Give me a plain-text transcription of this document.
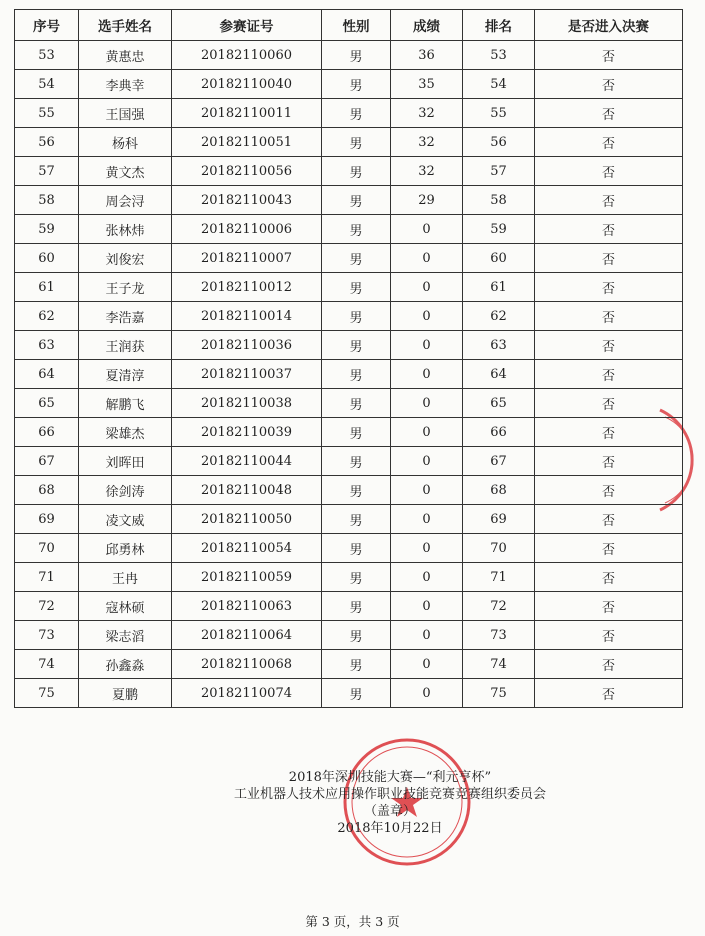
序号	选手姓名	参赛证号	性别	成绩	排名	是否进入决赛
53	黄惠忠	20182110060	男	36	53	否
54	李典幸	20182110040	男	35	54	否
55	王国强	20182110011	男	32	55	否
56	杨科	20182110051	男	32	56	否
57	黄文杰	20182110056	男	32	57	否
58	周会浔	20182110043	男	29	58	否
59	张林炜	20182110006	男	0	59	否
60	刘俊宏	20182110007	男	0	60	否
61	王子龙	20182110012	男	0	61	否
62	李浩嘉	20182110014	男	0	62	否
63	王润获	20182110036	男	0	63	否
64	夏清淳	20182110037	男	0	64	否
65	解鹏飞	20182110038	男	0	65	否
66	梁雄杰	20182110039	男	0	66	否
67	刘晖田	20182110044	男	0	67	否
68	徐剑涛	20182110048	男	0	68	否
69	凌文威	20182110050	男	0	69	否
70	邱勇林	20182110054	男	0	70	否
71	王冉	20182110059	男	0	71	否
72	寇林硕	20182110063	男	0	72	否
73	梁志滔	20182110064	男	0	73	否
74	孙鑫淼	20182110068	男	0	74	否
75	夏鹏	20182110074	男	0	75	否
2018年深圳技能大赛—“利元亨杯”
工业机器人技术应用操作职业技能竞赛竞赛组织委员会
（盖章）
2018年10月22日
第 3 页，共 3 页
